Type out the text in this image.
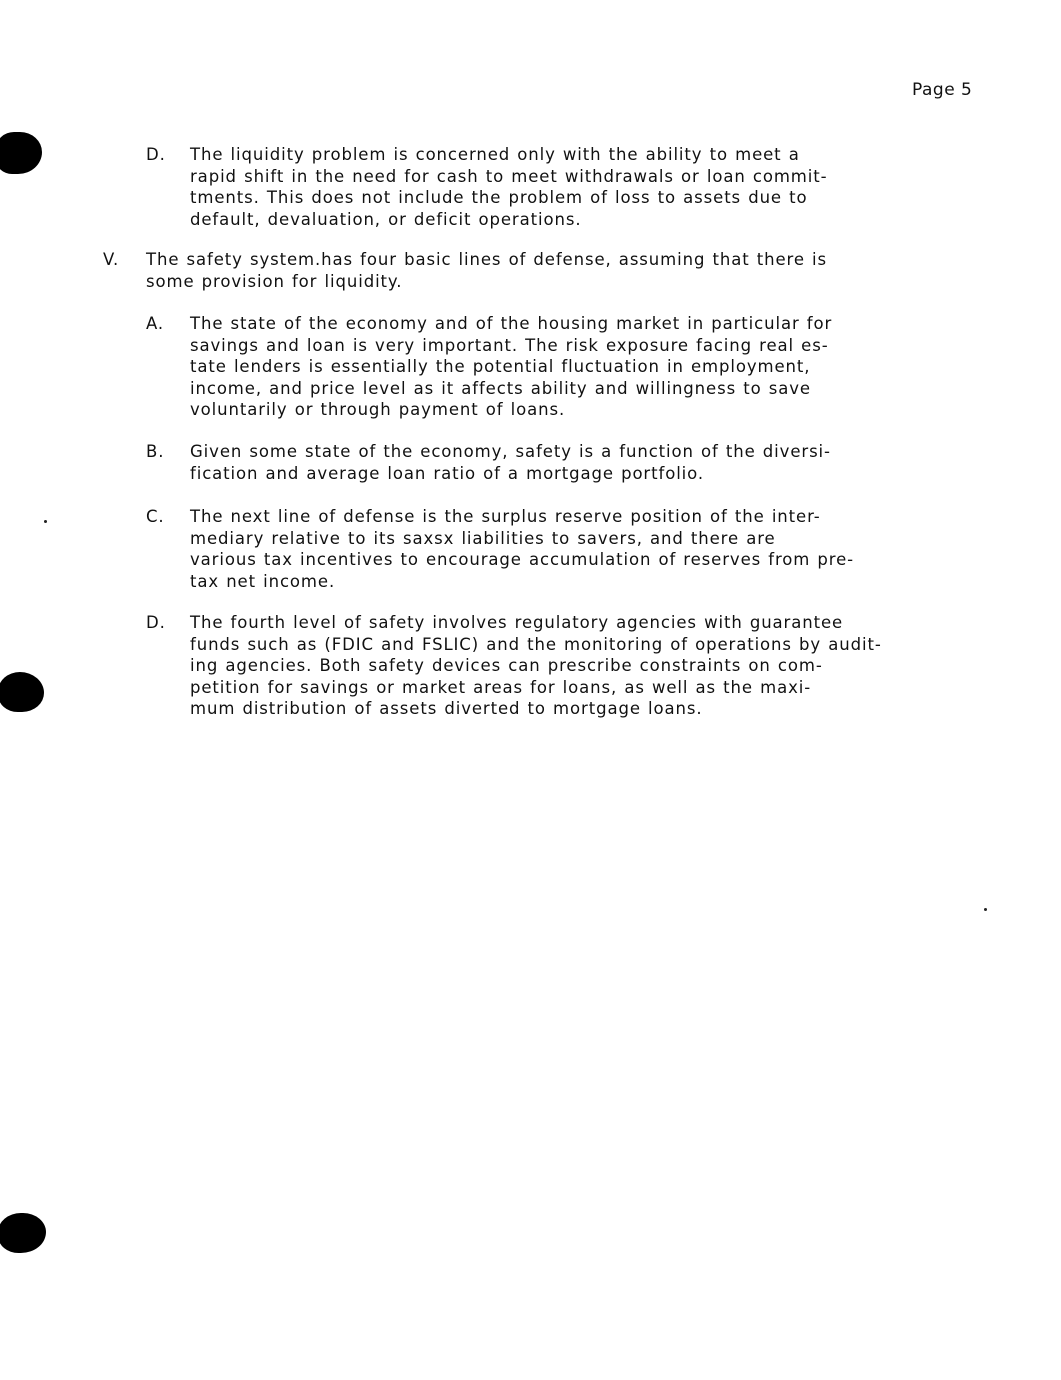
Page 5
D. The liquidity problem is concerned only with the ability to meet a
rapid shift in the need for cash to meet withdrawals or loan commit-
tments. This does not include the problem of loss to assets due to
default, devaluation, or deficit operations.

V. The safety system.has four basic lines of defense, assuming that there is
some provision for liquidity.

A. The state of the economy and of the housing market in particular for
savings and loan is very important. The risk exposure facing real es-
tate lenders is essentially the potential fluctuation in employment,
income, and price level as it affects ability and willingness to save
voluntarily or through payment of loans.

B. Given some state of the economy, safety is a function of the diversi-
fication and average loan ratio of a mortgage portfolio.

C. The next line of defense is the surplus reserve position of the inter-
mediary relative to its saxsx liabilities to savers, and there are
various tax incentives to encourage accumulation of reserves from pre-
tax net income.

D. The fourth level of safety involves regulatory agencies with guarantee
funds such as (FDIC and FSLIC) and the monitoring of operations by audit-
ing agencies. Both safety devices can prescribe constraints on com-
petition for savings or market areas for loans, as well as the maxi-
mum distribution of assets diverted to mortgage loans.
